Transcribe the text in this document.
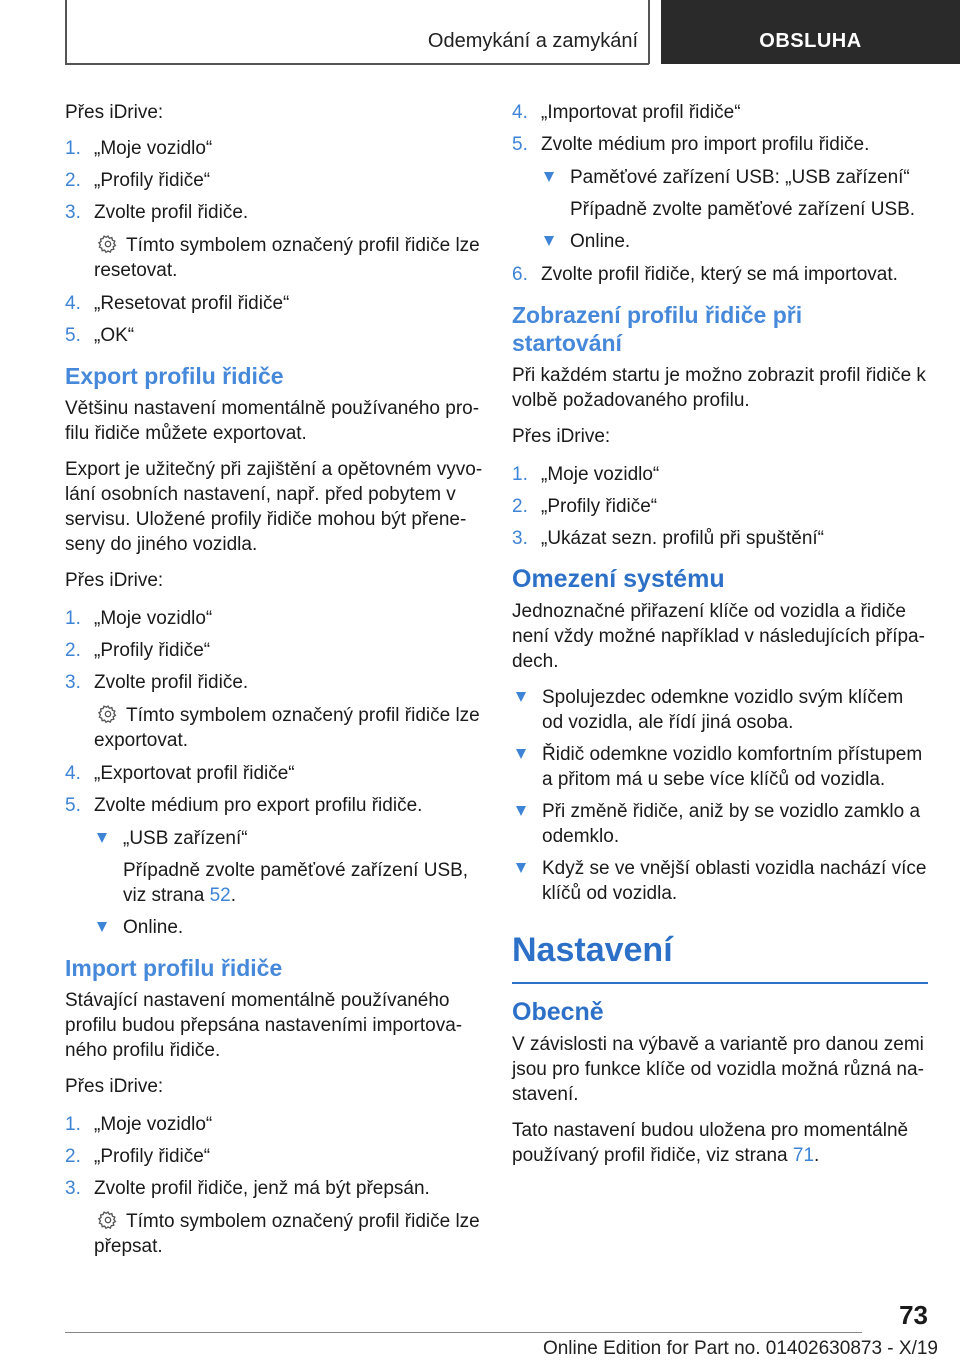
Odemykání a zamykání	OBSLUHA
Přes iDrive:
1. „Moje vozidlo“
2. „Profily řidiče“
3. Zvolte profil řidiče.
Tímto symbolem označený profil řidiče lze resetovat.
4. „Resetovat profil řidiče“
5. „OK“
Export profilu řidiče
Většinu nastavení momentálně používaného profilu řidiče můžete exportovat.
Export je užitečný při zajištění a opětovném vyvolání osobních nastavení, např. před pobytem v servisu. Uložené profily řidiče mohou být přeneseny do jiného vozidla.
Přes iDrive:
1. „Moje vozidlo“
2. „Profily řidiče“
3. Zvolte profil řidiče.
Tímto symbolem označený profil řidiče lze exportovat.
4. „Exportovat profil řidiče“
5. Zvolte médium pro export profilu řidiče.
„USB zařízení“
Případně zvolte paměťové zařízení USB, viz strana 52.
Online.
Import profilu řidiče
Stávající nastavení momentálně používaného profilu budou přepsána nastaveními importovaného profilu řidiče.
Přes iDrive:
1. „Moje vozidlo“
2. „Profily řidiče“
3. Zvolte profil řidiče, jenž má být přepsán.
Tímto symbolem označený profil řidiče lze přepsat.
4. „Importovat profil řidiče“
5. Zvolte médium pro import profilu řidiče.
Paměťové zařízení USB: „USB zařízení“
Případně zvolte paměťové zařízení USB.
Online.
6. Zvolte profil řidiče, který se má importovat.
Zobrazení profilu řidiče při startování
Při každém startu je možno zobrazit profil řidiče k volbě požadovaného profilu.
Přes iDrive:
1. „Moje vozidlo“
2. „Profily řidiče“
3. „Ukázat sezn. profilů při spuštění“
Omezení systému
Jednoznačné přiřazení klíče od vozidla a řidiče není vždy možné například v následujících případech.
Spolujezdec odemkne vozidlo svým klíčem od vozidla, ale řídí jiná osoba.
Řidič odemkne vozidlo komfortním přístupem a přitom má u sebe více klíčů od vozidla.
Při změně řidiče, aniž by se vozidlo zamklo a odemklo.
Když se ve vnější oblasti vozidla nachází více klíčů od vozidla.
Nastavení
Obecně
V závislosti na výbavě a variantě pro danou zemi jsou pro funkce klíče od vozidla možná různá nastavení.
Tato nastavení budou uložena pro momentálně používaný profil řidiče, viz strana 71.
73
Online Edition for Part no. 01402630873 - X/19
